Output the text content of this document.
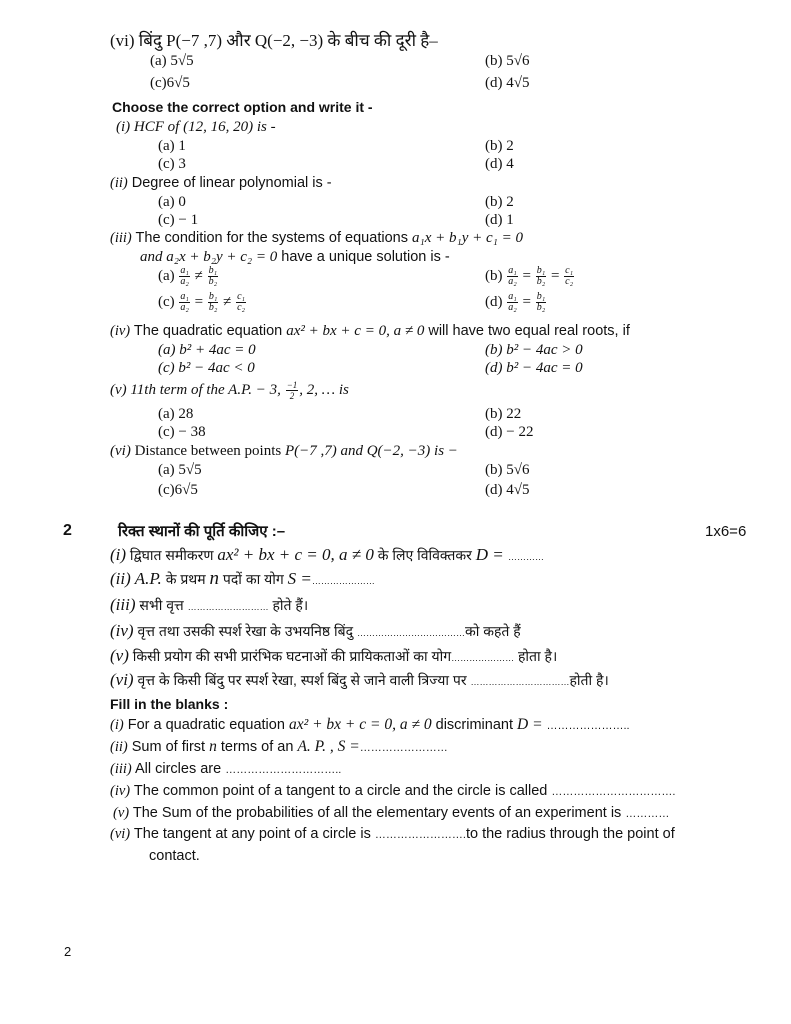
(vi) बिंदु P(−7 ,7) और Q(−2, −3) के बीच की दूरी है–
(a) 5√5	(b) 5√6
(c)6√5	(d) 4√5
Choose the correct option and write it -
(i) HCF of (12, 16, 20) is -
(a) 1	(b) 2
(c) 3	(d) 4
(ii) Degree of linear polynomial is -
(a) 0	(b) 2
(c) − 1	(d) 1
(iii) The condition for the systems of equations a₁x + b₁y + c₁ = 0
and a₂x + b₂y + c₂ = 0 have a unique solution is -
$(a) \frac{\text{a₁}}{\text{a₂}} \ne \frac{\text{b₁}}{\text{b₂}}$	$(b) \frac{\text{a₁}}{\text{a₂}} = \frac{\text{b₁}}{\text{b₂}} = \frac{\text{c₁}}{\text{c₂}}$
$(c) \frac{\text{a₁}}{\text{a₂}} = \frac{\text{b₁}}{\text{b₂}} \ne \frac{\text{c₁}}{\text{c₂}}$	$(d) \frac{\text{a₁}}{\text{a₂}} = \frac{\text{b₁}}{\text{b₂}}$
(iv) The quadratic equation ax² + bx + c = 0, a ≠ 0 will have two equal real roots, if
(a) b² + 4ac = 0	(b) b² − 4ac > 0
(c) b² − 4ac < 0	(d) b² − 4ac = 0
(v) 11th term of the A.P. − 3, $\frac{-1}{2}$ , 2, … is
(a) 28	(b) 22
(c) − 38	(d) − 22
(vi) Distance between points P(−7 ,7) and Q(−2, −3) is −
(a) 5√5	(b) 5√6
(c)6√5	(d) 4√5
2	रिक्त स्थानों की पूर्ति कीजिए :–	1x6=6
(i) द्विघात समीकरण ax² + bx + c = 0, a ≠ 0 के लिए विविक्तकर D = …………
(ii) A.P. के प्रथम n पदों का योग S =…………………
(iii) सभी वृत्त ……………………… होते हैं।
(iv) वृत्त तथा उसकी स्पर्श रेखा के उभयनिष्ठ बिंदु ………………………………को कहते हैं
(v) किसी प्रयोग की सभी प्रारंभिक घटनाओं की प्रायिकताओं का योग………………… होता है।
(vi) वृत्त के किसी बिंदु पर स्पर्श रेखा, स्पर्श बिंदु से जाने वाली त्रिज्या पर ……………………………होती है।
Fill in the blanks :
(i) For a quadratic equation ax² + bx + c = 0, a ≠ 0 discriminant D = …………………..
(ii) Sum of first n terms of an A. P. , S =……………………
(iii) All circles are …………………………..
(iv) The common point of a tangent to a circle and the circle is called …………………………….
(v) The Sum of the probabilities of all the elementary events of an experiment is …………
(vi) The tangent at any point of a circle is …………………….to the radius through the point of
contact.
2
